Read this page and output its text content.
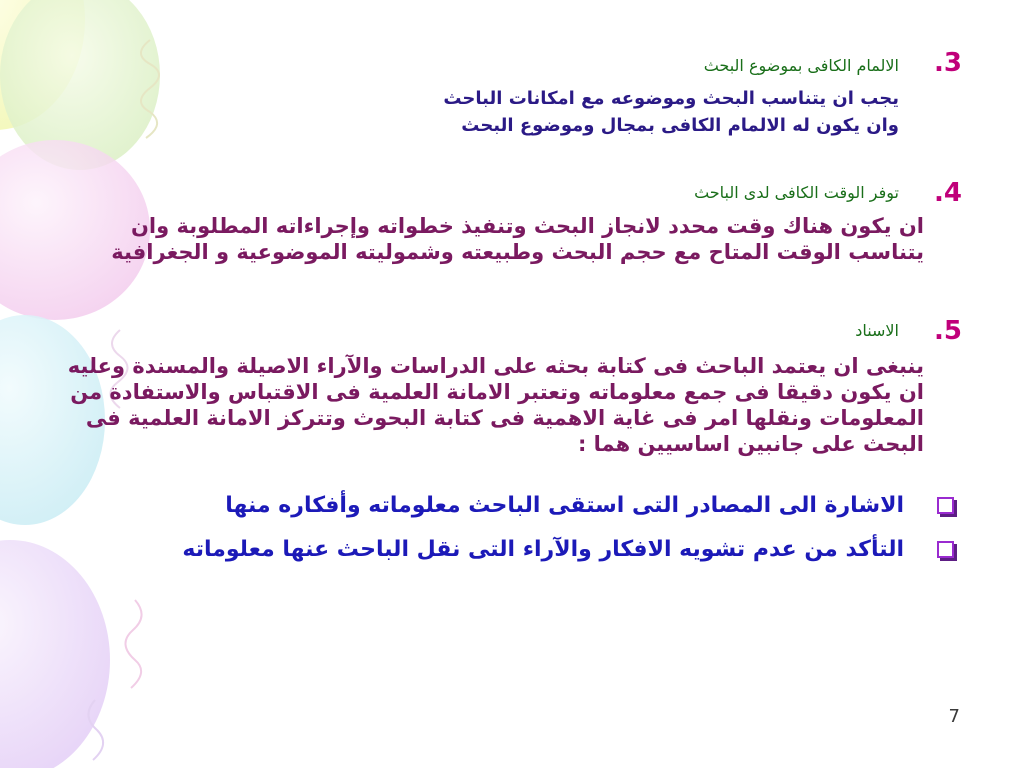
.3
الالمام الكافى بموضوع البحث
يجب ان يتناسب البحث وموضوعه مع امكانات الباحث وان يكون له الالمام الكافى بمجال وموضوع البحث
.4
توفر الوقت الكافى لدى الباحث
ان يكون هناك وقت محدد لانجاز البحث وتنفيذ خطواته وإجراءاته المطلوبة وان يتناسب الوقت المتاح مع حجم البحث وطبيعته وشموليته الموضوعية و الجغرافية
.5
الاسناد
ينبغى ان يعتمد الباحث فى كتابة بحثه على الدراسات والآراء الاصيلة والمسندة وعليه ان يكون دقيقا فى جمع معلوماته وتعتبر الامانة العلمية فى الاقتباس والاستفادة من المعلومات ونقلها امر فى غاية الاهمية فى كتابة البحوث وتتركز الامانة العلمية فى البحث على جانبين اساسيين هما :
الاشارة الى المصادر التى استقى الباحث معلوماته وأفكاره منها
التأكد من عدم تشويه الافكار والآراء التى نقل الباحث عنها معلوماته
7
